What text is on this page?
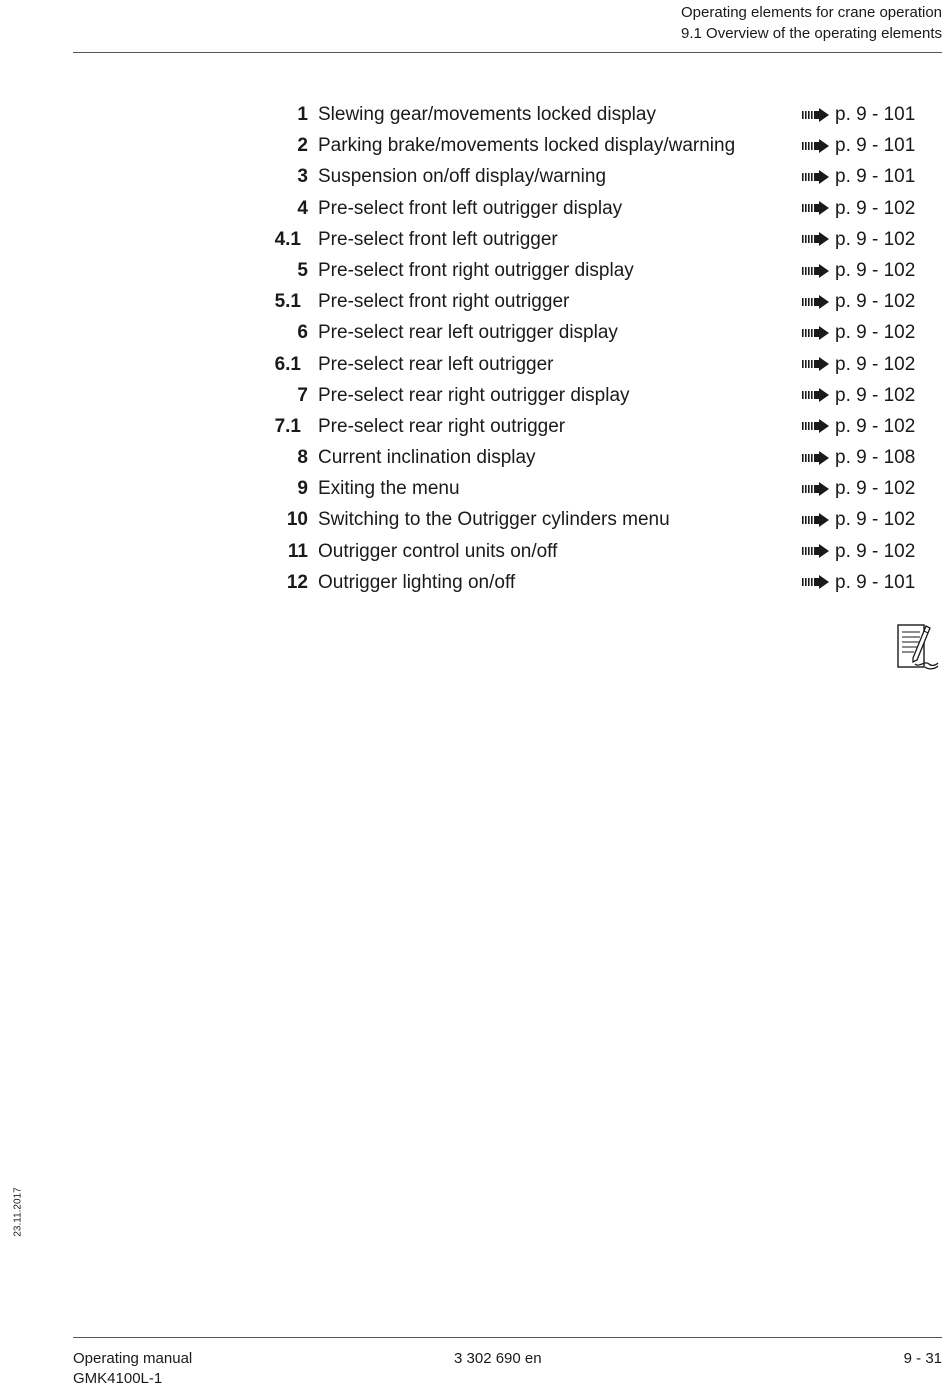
Operating elements for crane operation
9.1 Overview of the operating elements
1 Slewing gear/movements locked display	p. 9 - 101
2 Parking brake/movements locked display/warning	p. 9 - 101
3 Suspension on/off display/warning	p. 9 - 101
4 Pre-select front left outrigger display	p. 9 - 102
4.1 Pre-select front left outrigger	p. 9 - 102
5 Pre-select front right outrigger display	p. 9 - 102
5.1 Pre-select front right outrigger	p. 9 - 102
6 Pre-select rear left outrigger display	p. 9 - 102
6.1 Pre-select rear left outrigger	p. 9 - 102
7 Pre-select rear right outrigger display	p. 9 - 102
7.1 Pre-select rear right outrigger	p. 9 - 102
8 Current inclination display	p. 9 - 108
9 Exiting the menu	p. 9 - 102
10 Switching to the Outrigger cylinders menu	p. 9 - 102
11 Outrigger control units on/off	p. 9 - 102
12 Outrigger lighting on/off	p. 9 - 101
23.11.2017
Operating manual
GMK4100L-1
3 302 690 en	9 - 31
